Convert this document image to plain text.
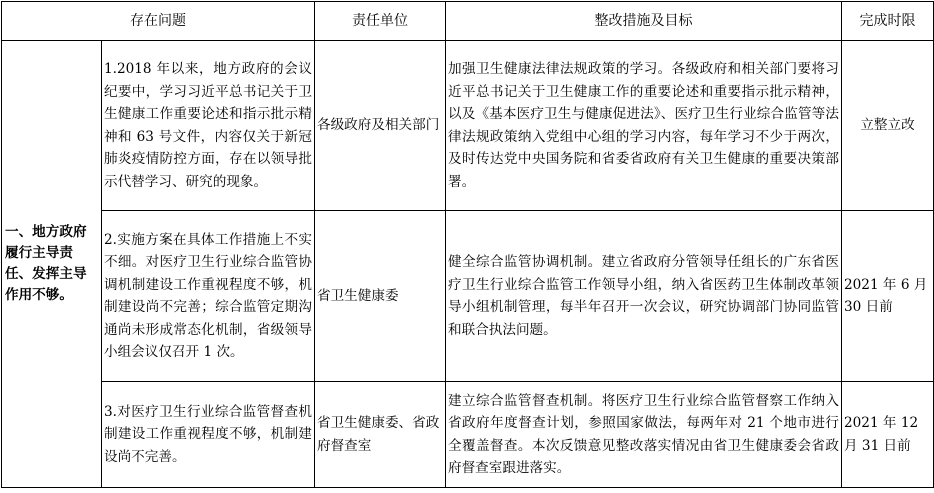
存在问题		责任单位	整改措施及目标	完成时限
一、地方政府履行主导责任、发挥主导作用不够。	1.2018 年以来，地方政府的会议纪要中，学习习近平总书记关于卫生健康工作重要论述和指示批示精神和 63 号文件，内容仅关于新冠肺炎疫情防控方面，存在以领导批示代替学习、研究的现象。	各级政府及相关部门	加强卫生健康法律法规政策的学习。各级政府和相关部门要将习近平总书记关于卫生健康工作的重要论述和重要指示批示精神，以及《基本医疗卫生与健康促进法》、医疗卫生行业综合监管等法律法规政策纳入党组中心组的学习内容，每年学习不少于两次，及时传达党中央国务院和省委省政府有关卫生健康的重要决策部署。	立整立改
	2.实施方案在具体工作措施上不实不细。对医疗卫生行业综合监管协调机制建设工作重视程度不够，机制建设尚不完善；综合监管定期沟通尚未形成常态化机制，省级领导小组会议仅召开 1 次。	省卫生健康委	健全综合监管协调机制。建立省政府分管领导任组长的广东省医疗卫生行业综合监管工作领导小组，纳入省医药卫生体制改革领导小组机制管理，每半年召开一次会议，研究协调部门协同监管和联合执法问题。	2021 年 6 月 30 日前
	3.对医疗卫生行业综合监管督查机制建设工作重视程度不够，机制建设尚不完善。	省卫生健康委、省政府督查室	建立综合监管督查机制。将医疗卫生行业综合监管督察工作纳入省政府年度督查计划，参照国家做法，每两年对 21 个地市进行全覆盖督查。本次反馈意见整改落实情况由省卫生健康委会省政府督查室跟进落实。	2021 年 12 月 31 日前
